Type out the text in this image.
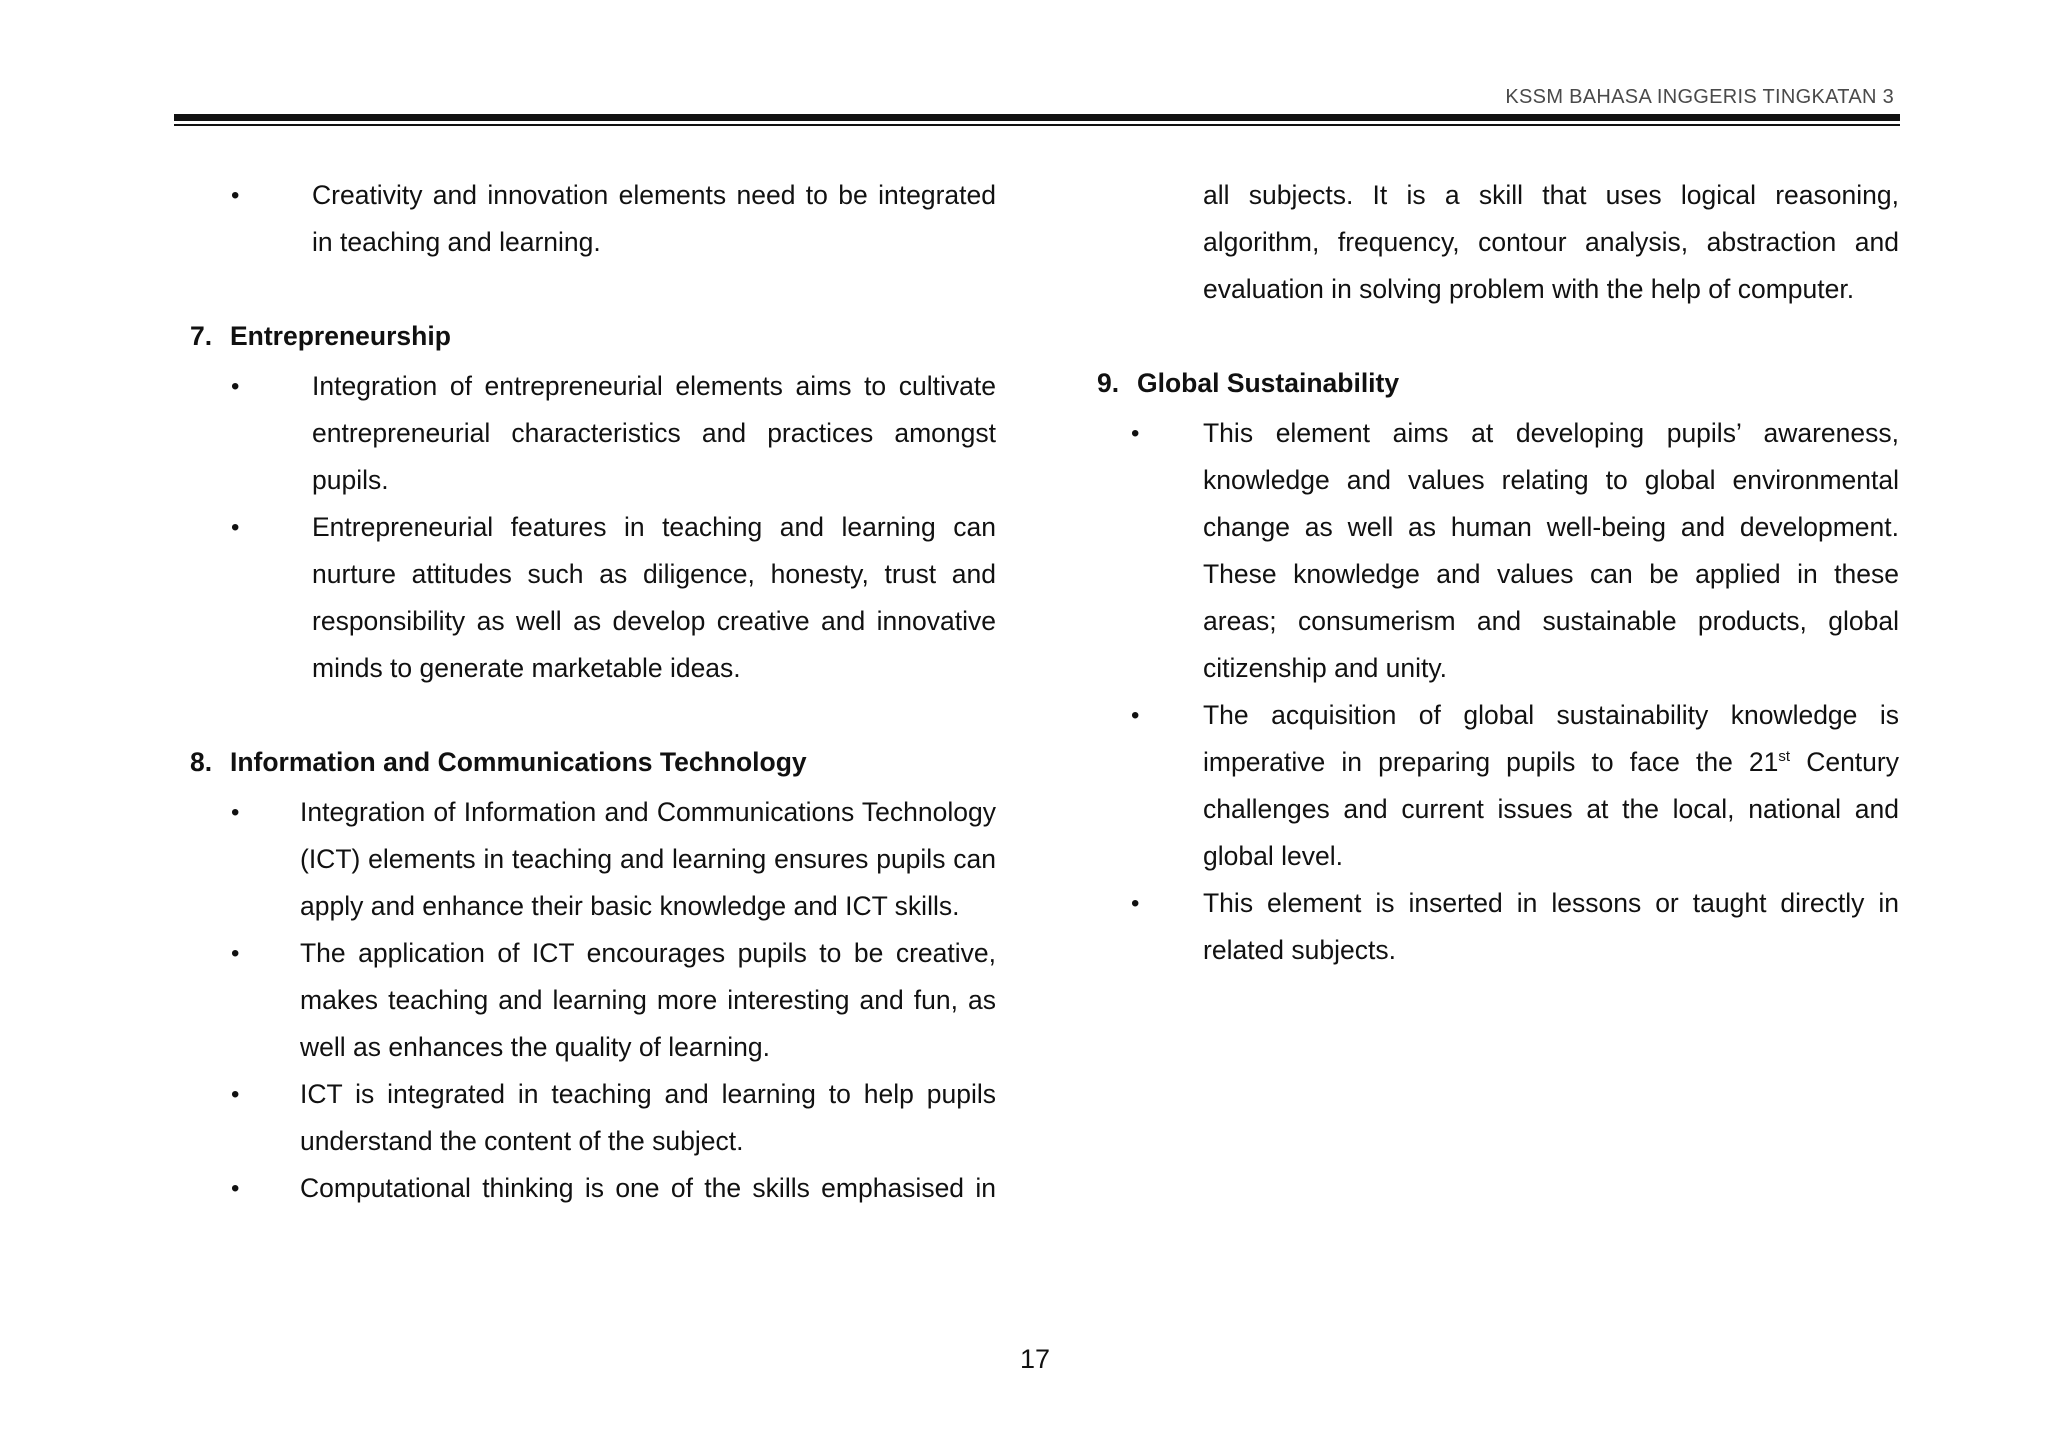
KSSM BAHASA INGGERIS TINGKATAN 3
•	Creativity and innovation elements need to be integrated in teaching and learning.
7. Entrepreneurship
•	Integration of entrepreneurial elements aims to cultivate entrepreneurial characteristics and practices amongst pupils.
•	Entrepreneurial features in teaching and learning can nurture attitudes such as diligence, honesty, trust and responsibility as well as develop creative and innovative minds to generate marketable ideas.
8. Information and Communications Technology
• Integration of Information and Communications Technology (ICT) elements in teaching and learning ensures pupils can apply and enhance their basic knowledge and ICT skills.
• The application of ICT encourages pupils to be creative, makes teaching and learning more interesting and fun, as well as enhances the quality of learning.
• ICT is integrated in teaching and learning to help pupils understand the content of the subject.
• Computational thinking is one of the skills emphasised in
all subjects. It is a skill that uses logical reasoning, algorithm, frequency, contour analysis, abstraction and evaluation in solving problem with the help of computer.
9. Global Sustainability
• This element aims at developing pupils’ awareness, knowledge and values relating to global environmental change as well as human well-being and development. These knowledge and values can be applied in these areas; consumerism and sustainable products, global citizenship and unity.
• The acquisition of global sustainability knowledge is imperative in preparing pupils to face the 21st Century challenges and current issues at the local, national and global level.
• This element is inserted in lessons or taught directly in related subjects.
17
